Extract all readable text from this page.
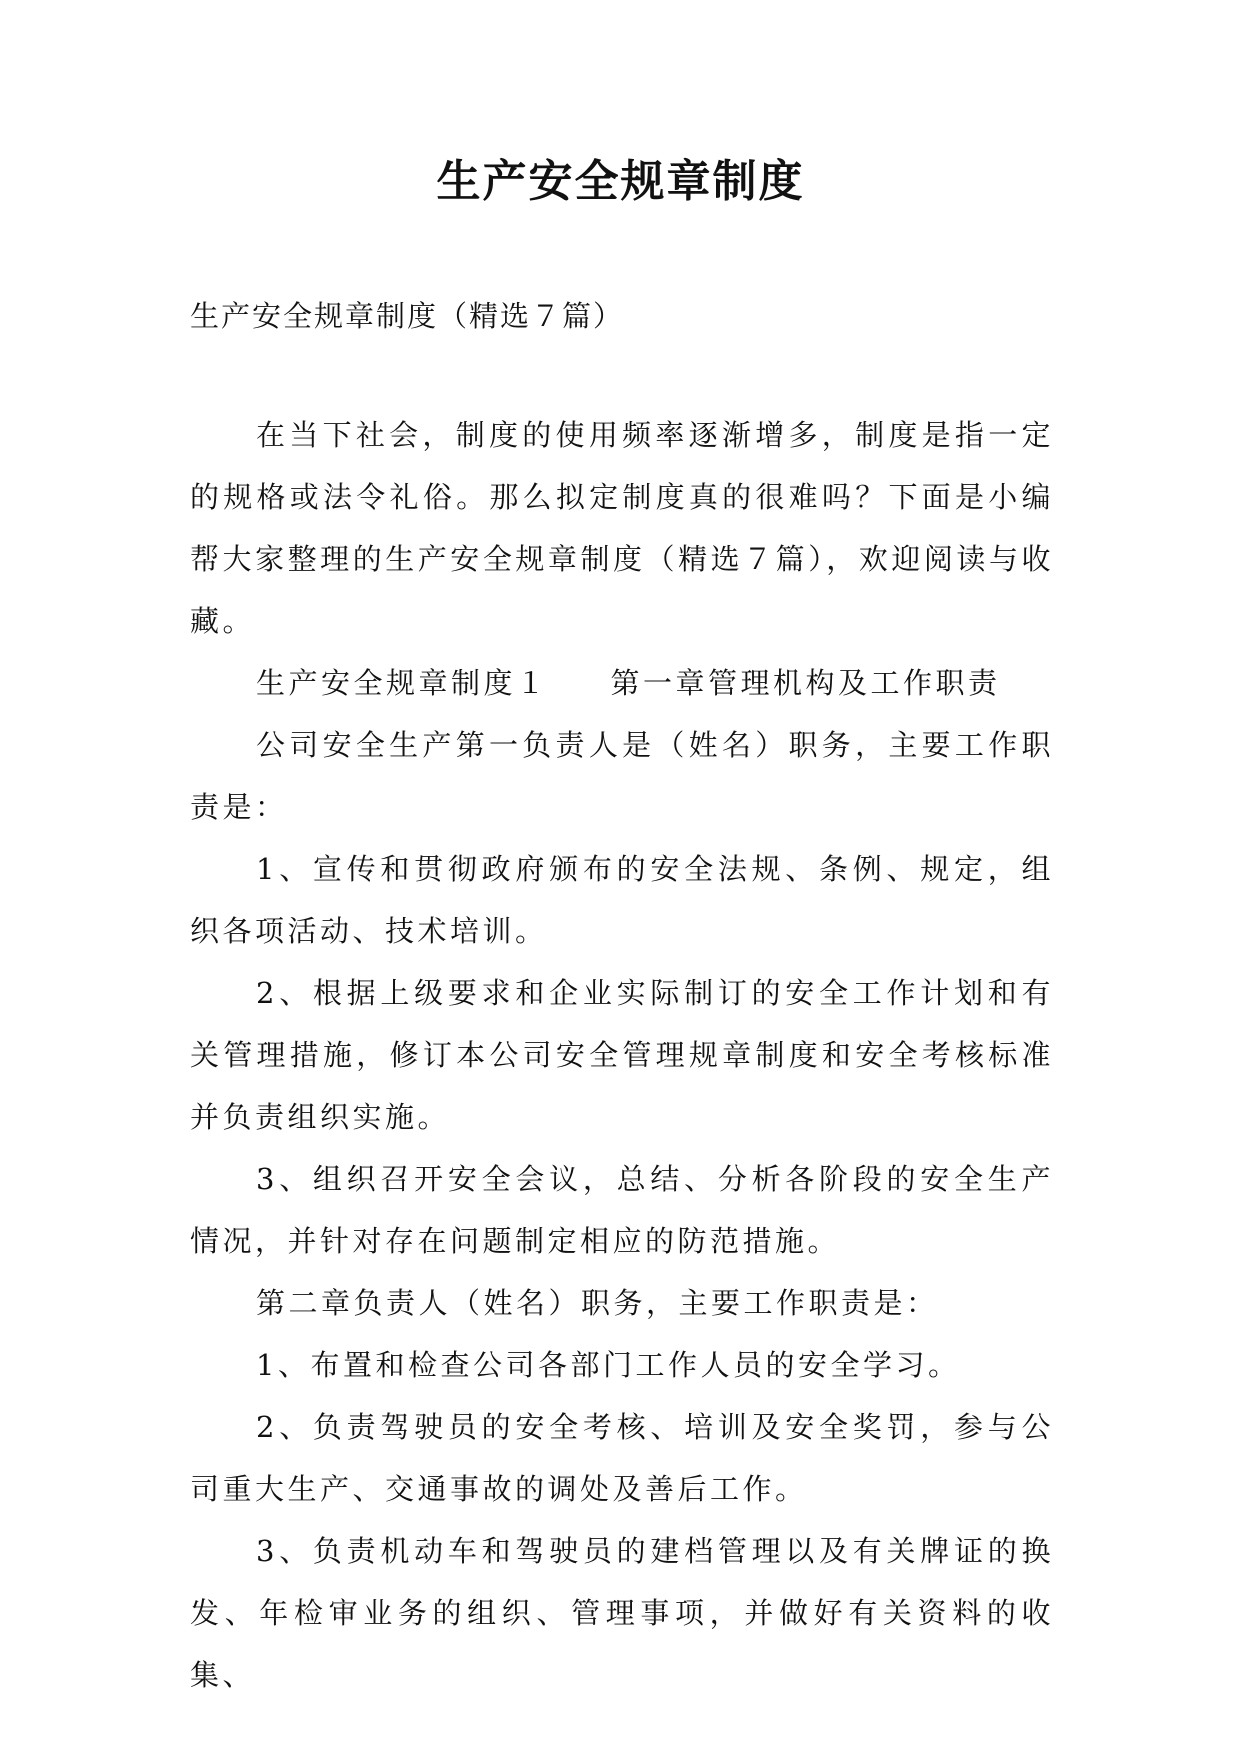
生产安全规章制度
生产安全规章制度（精选７篇）

在当下社会，制度的使用频率逐渐增多，制度是指一定的规格或法令礼俗。那么拟定制度真的很难吗？下面是小编帮大家整理的生产安全规章制度（精选７篇），欢迎阅读与收藏。

生产安全规章制度１ 第一章管理机构及工作职责

公司安全生产第一负责人是（姓名）职务，主要工作职责是：

1、宣传和贯彻政府颁布的安全法规、条例、规定，组织各项活动、技术培训。

2、根据上级要求和企业实际制订的安全工作计划和有关管理措施，修订本公司安全管理规章制度和安全考核标准并负责组织实施。

3、组织召开安全会议，总结、分析各阶段的安全生产情况，并针对存在问题制定相应的防范措施。

第二章负责人（姓名）职务，主要工作职责是：

1、布置和检查公司各部门工作人员的安全学习。

2、负责驾驶员的安全考核、培训及安全奖罚，参与公司重大生产、交通事故的调处及善后工作。

3、负责机动车和驾驶员的建档管理以及有关牌证的换发、年检审业务的组织、管理事项，并做好有关资料的收集、
